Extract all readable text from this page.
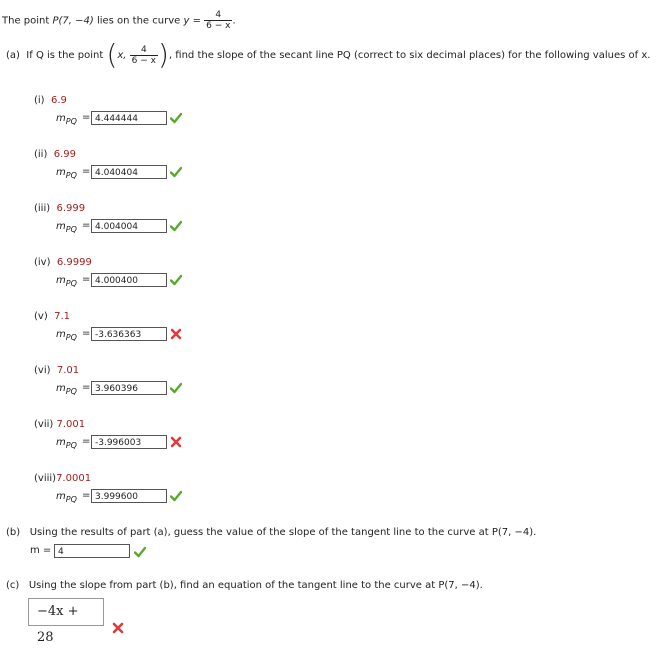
The point P(7, −4) lies on the curve $y = \frac{4}{6 - x}$ .
(a) If Q is the point (x, $\frac{4}{6 - x}$ ), find the slope of the secant line PQ (correct to six decimal places) for the following values of x.
(i) 6.9
$m_{PQ} = 4.444444$
(ii) 6.99
$m_{PQ} = 4.040404$
(iii) 6.999
$m_{PQ} = 4.004004$
(iv) 6.9999
$m_{PQ} = 4.000400$
(v) 7.1
$m_{PQ} = -3.636363$
(vi) 7.01
$m_{PQ} = 3.960396$
(vii) 7.001
$m_{PQ} = -3.996003$
(viii)7.0001
$m_{PQ} = 3.999600$
(b) Using the results of part (a), guess the value of the slope of the tangent line to the curve at P(7, −4).
m = 4
(c) Using the slope from part (b), find an equation of the tangent line to the curve at P(7, −4).
−4x + 28
